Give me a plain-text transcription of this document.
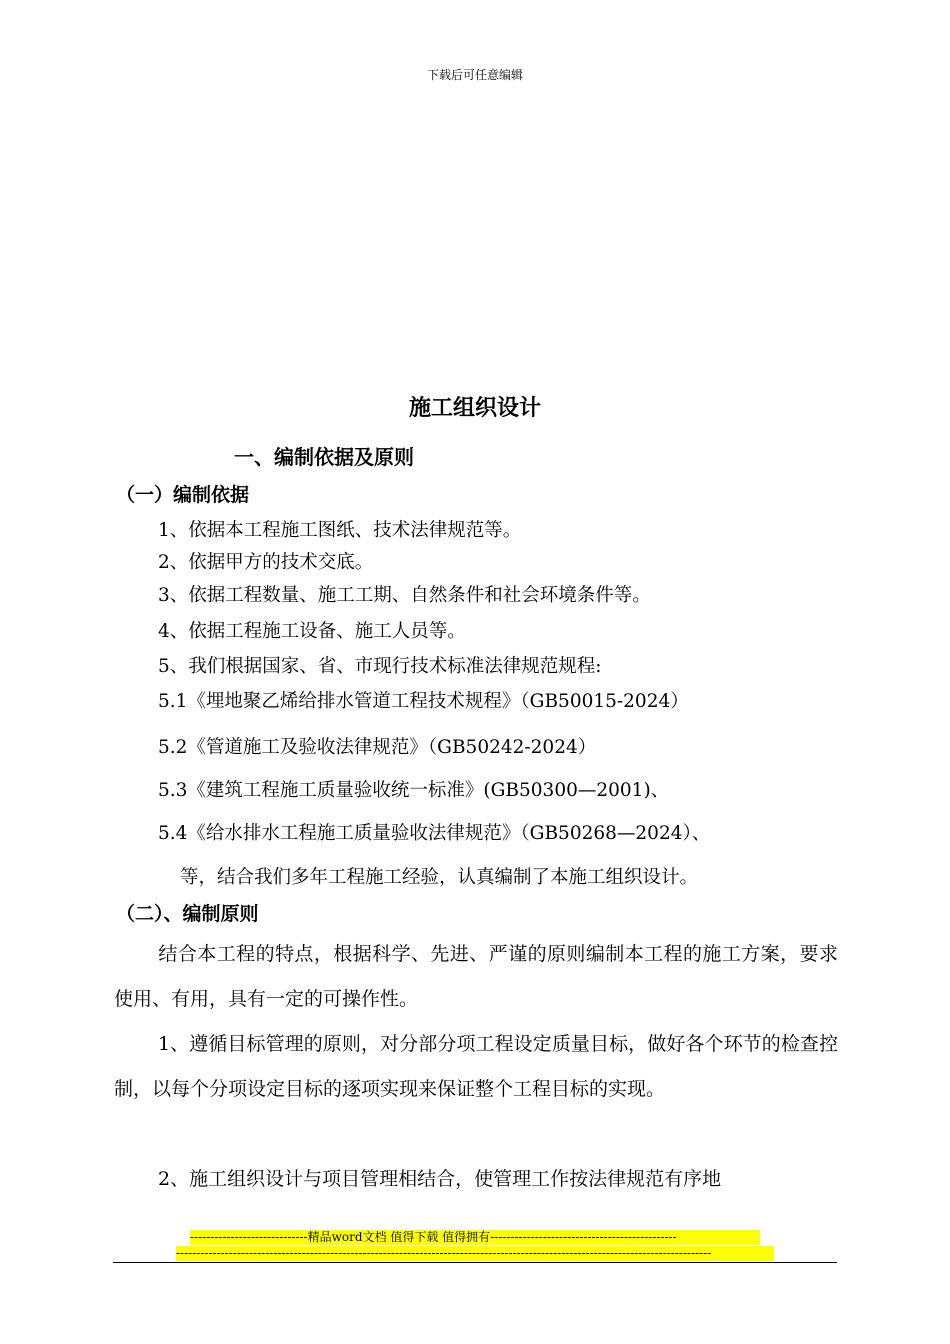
下载后可任意编辑
施工组织设计
一、编制依据及原则
（一）编制依据
1、依据本工程施工图纸、技术法律规范等。
2、依据甲方的技术交底。
3、依据工程数量、施工工期、自然条件和社会环境条件等。
4、依据工程施工设备、施工人员等。
5、我们根据国家、省、市现行技术标准法律规范规程:
5.1《埋地聚乙烯给排水管道工程技术规程》（GB50015-2024）
5.2《管道施工及验收法律规范》（GB50242-2024）
5.3《建筑工程施工质量验收统一标准》(GB50300—2001)、
5.4《给水排水工程施工质量验收法律规范》（GB50268—2024）、
等，结合我们多年工程施工经验，认真编制了本施工组织设计。
（二）、编制原则
结合本工程的特点，根据科学、先进、严谨的原则编制本工程的施工方案，要求使用、有用，具有一定的可操作性。
1、遵循目标管理的原则，对分部分项工程设定质量目标，做好各个环节的检查控制，以每个分项设定目标的逐项实现来保证整个工程目标的实现。
2、施工组织设计与项目管理相结合，使管理工作按法律规范有序地
-----------------------------精品word文档 值得下载 值得拥有----------------------------------------------
------------------------------------------------------------------------------------------------------------------------------------
